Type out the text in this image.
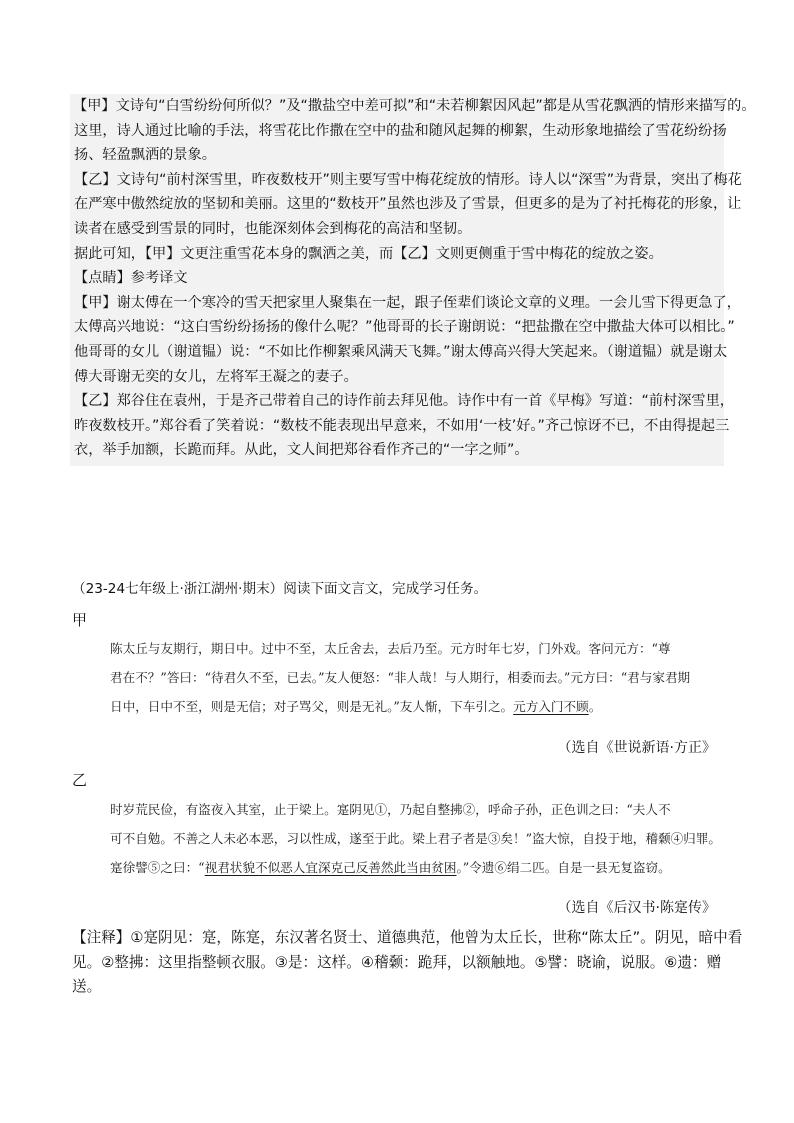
【甲】文诗句“白雪纷纷何所似？”及“撒盐空中差可拟”和“未若柳絮因风起”都是从雪花飘洒的情形来描写的。

这里，诗人通过比喻的手法，将雪花比作撒在空中的盐和随风起舞的柳絮，生动形象地描绘了雪花纷纷扬

扬、轻盈飘洒的景象。

【乙】文诗句“前村深雪里，昨夜数枝开”则主要写雪中梅花绽放的情形。诗人以“深雪”为背景，突出了梅花

在严寒中傲然绽放的坚韧和美丽。这里的“数枝开”虽然也涉及了雪景，但更多的是为了衬托梅花的形象，让

读者在感受到雪景的同时，也能深刻体会到梅花的高洁和坚韧。

据此可知，【甲】文更注重雪花本身的飘洒之美，而【乙】文则更侧重于雪中梅花的绽放之姿。

【点睛】参考译文

【甲】谢太傅在一个寒冷的雪天把家里人聚集在一起，跟子侄辈们谈论文章的义理。一会儿雪下得更急了，

太傅高兴地说：“这白雪纷纷扬扬的像什么呢？”他哥哥的长子谢朗说：“把盐撒在空中撒盐大体可以相比。”

他哥哥的女儿（谢道韫）说：“不如比作柳絮乘风满天飞舞。”谢太傅高兴得大笑起来。（谢道韫）就是谢太

傅大哥谢无奕的女儿，左将军王凝之的妻子。

【乙】郑谷住在袁州，于是齐己带着自己的诗作前去拜见他。诗作中有一首《早梅》写道：“前村深雪里，

昨夜数枝开。”郑谷看了笑着说：“数枝不能表现出早意来，不如用‘一枝’好。”齐己惊讶不已，不由得提起三

衣，举手加额，长跪而拜。从此，文人间把郑谷看作齐己的“一字之师”。

（23-24七年级上·浙江湖州·期末）阅读下面文言文，完成学习任务。
甲

陈太丘与友期行，期日中。过中不至，太丘舍去，去后乃至。元方时年七岁，门外戏。客问元方：“尊

君在不？”答曰：“待君久不至，已去。”友人便怒：“非人哉！与人期行，相委而去。”元方曰：“君与家君期

日中，日中不至，则是无信；对子骂父，则是无礼。”友人惭，下车引之。元方入门不顾。

（选自《世说新语·方正》
乙

时岁荒民俭，有盗夜入其室，止于梁上。寔阴见①，乃起自整拂②，呼命子孙，正色训之曰：“夫人不

可不自勉。不善之人未必本恶，习以性成，遂至于此。梁上君子者是③矣！”盗大惊，自投于地，稽颡④归罪。

寔徐譬⑤之曰：“视君状貌不似恶人宜深克己反善然此当由贫困。”令遗⑥绢二匹。自是一县无复盗窃。

（选自《后汉书·陈寔传》

【注释】①寔阴见：寔，陈寔，东汉著名贤士、道德典范，他曾为太丘长，世称“陈太丘”。阴见，暗中看

见。②整拂：这里指整顿衣服。③是：这样。④稽颡：跪拜，以额触地。⑤譬：晓谕，说服。⑥遗：赠

送。
